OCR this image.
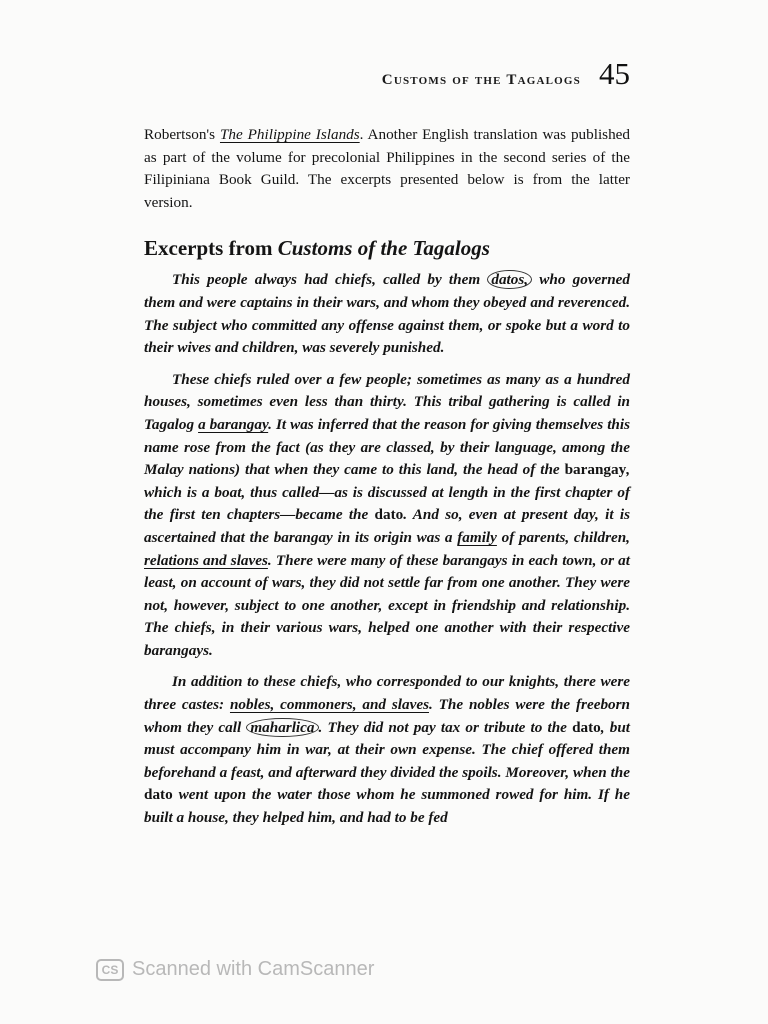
Customs of the Tagalogs 45

Robertson's The Philippine Islands. Another English translation was published as part of the volume for precolonial Philippines in the second series of the Filipiniana Book Guild. The excerpts presented below is from the latter version.

Excerpts from Customs of the Tagalogs

This people always had chiefs, called by them datos, who governed them and were captains in their wars, and whom they obeyed and reverenced. The subject who committed any offense against them, or spoke but a word to their wives and children, was severely punished.

These chiefs ruled over a few people; sometimes as many as a hundred houses, sometimes even less than thirty. This tribal gathering is called in Tagalog a barangay. It was inferred that the reason for giving themselves this name rose from the fact (as they are classed, by their language, among the Malay nations) that when they came to this land, the head of the barangay, which is a boat, thus called—as is discussed at length in the first chapter of the first ten chapters—became the dato. And so, even at present day, it is ascertained that the barangay in its origin was a family of parents, children, relations and slaves. There were many of these barangays in each town, or at least, on account of wars, they did not settle far from one another. They were not, however, subject to one another, except in friendship and relationship. The chiefs, in their various wars, helped one another with their respective barangays.

In addition to these chiefs, who corresponded to our knights, there were three castes: nobles, commoners, and slaves. The nobles were the freeborn whom they call maharlica . They did not pay tax or tribute to the dato, but must accompany him in war, at their own expense. The chief offered them beforehand a feast, and afterward they divided the spoils. Moreover, when the dato went upon the water those whom he summoned rowed for him. If he built a house, they helped him, and had to be fed

CS Scanned with CamScanner
